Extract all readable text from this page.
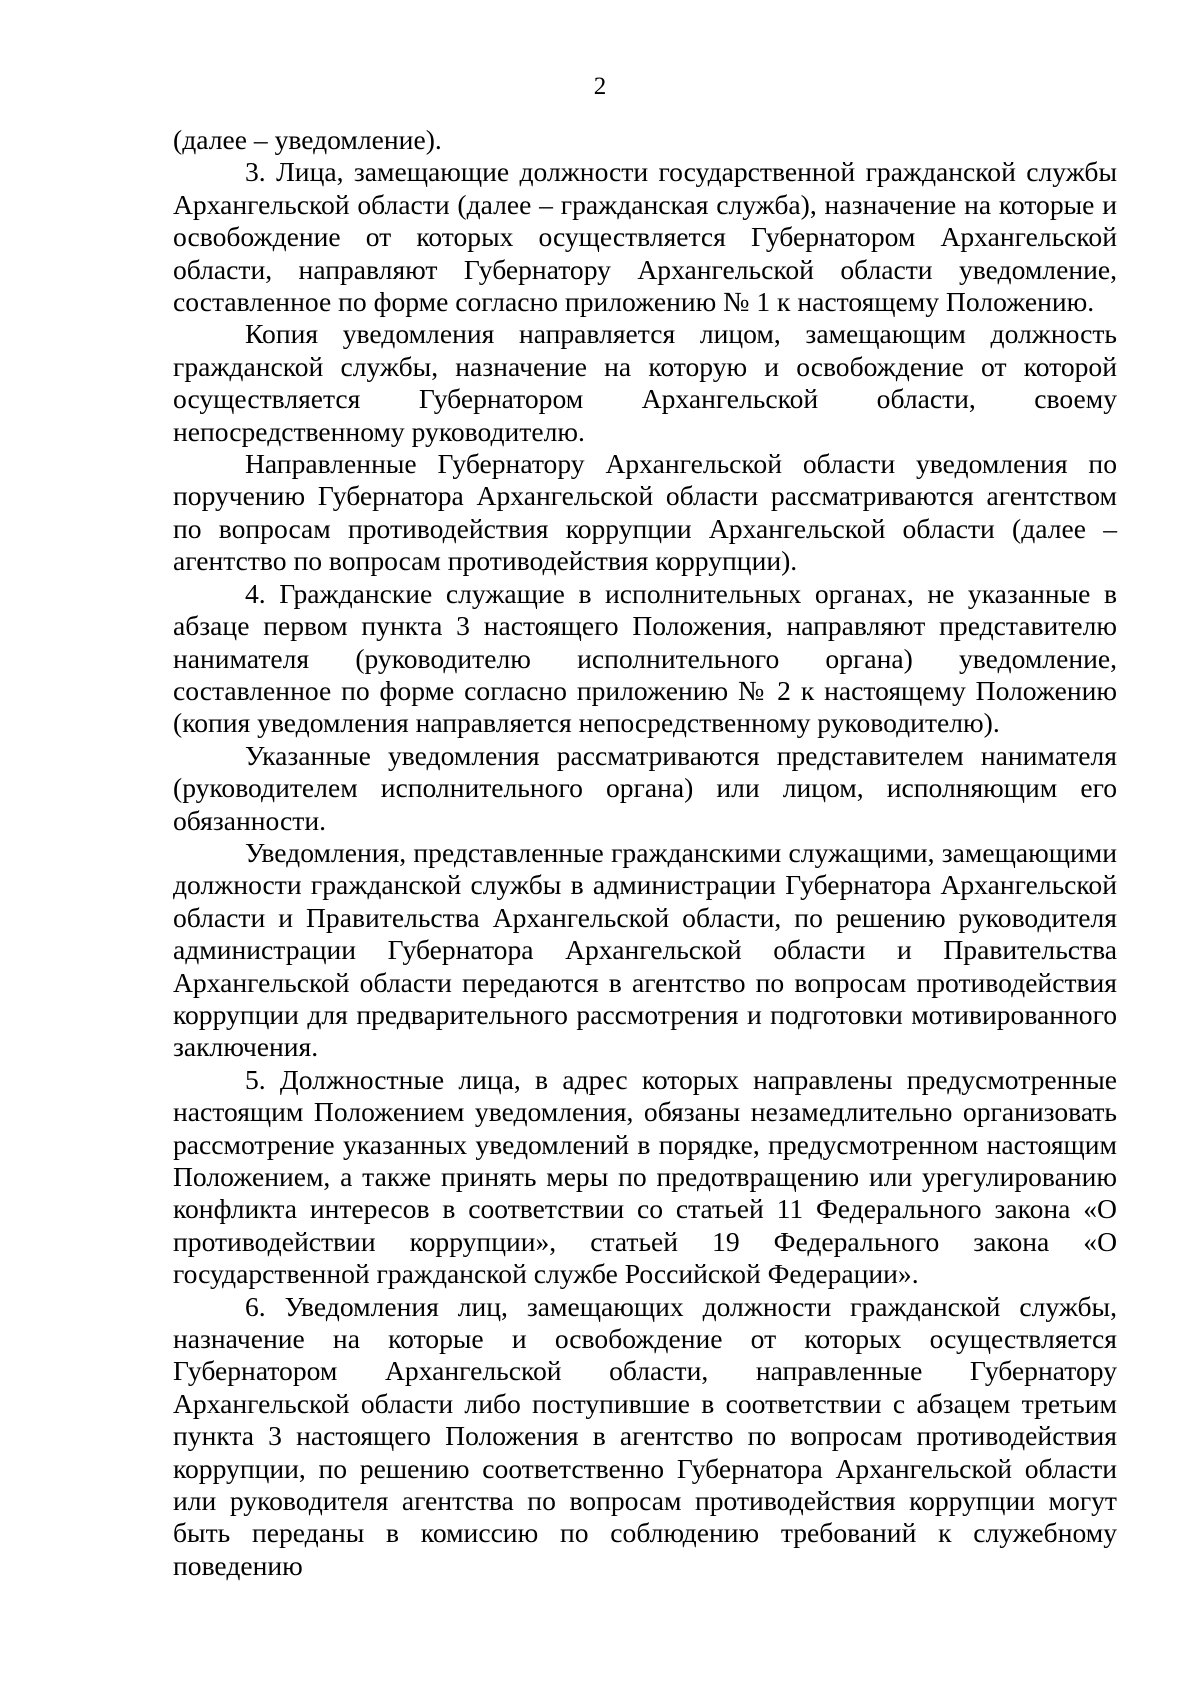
2

(далее – уведомление).

3. Лица, замещающие должности государственной гражданской службы Архангельской области (далее – гражданская служба), назначение на которые и освобождение от которых осуществляется Губернатором Архангельской области, направляют Губернатору Архангельской области уведомление, составленное по форме согласно приложению № 1 к настоящему Положению.

Копия уведомления направляется лицом, замещающим должность гражданской службы, назначение на которую и освобождение от которой осуществляется Губернатором Архангельской области, своему непосредственному руководителю.

Направленные Губернатору Архангельской области уведомления по поручению Губернатора Архангельской области рассматриваются агентством по вопросам противодействия коррупции Архангельской области (далее – агентство по вопросам противодействия коррупции).

4. Гражданские служащие в исполнительных органах, не указанные в абзаце первом пункта 3 настоящего Положения, направляют представителю нанимателя (руководителю исполнительного органа) уведомление, составленное по форме согласно приложению № 2 к настоящему Положению (копия уведомления направляется непосредственному руководителю).

Указанные уведомления рассматриваются представителем нанимателя (руководителем исполнительного органа) или лицом, исполняющим его обязанности.

Уведомления, представленные гражданскими служащими, замещающими должности гражданской службы в администрации Губернатора Архангельской области и Правительства Архангельской области, по решению руководителя администрации Губернатора Архангельской области и Правительства Архангельской области передаются в агентство по вопросам противодействия коррупции для предварительного рассмотрения и подготовки мотивированного заключения.

5. Должностные лица, в адрес которых направлены предусмотренные настоящим Положением уведомления, обязаны незамедлительно организовать рассмотрение указанных уведомлений в порядке, предусмотренном настоящим Положением, а также принять меры по предотвращению или урегулированию конфликта интересов в соответствии со статьей 11 Федерального закона «О противодействии коррупции», статьей 19 Федерального закона «О государственной гражданской службе Российской Федерации».

6. Уведомления лиц, замещающих должности гражданской службы, назначение на которые и освобождение от которых осуществляется Губернатором Архангельской области, направленные Губернатору Архангельской области либо поступившие в соответствии с абзацем третьим пункта 3 настоящего Положения в агентство по вопросам противодействия коррупции, по решению соответственно Губернатора Архангельской области или руководителя агентства по вопросам противодействия коррупции могут быть переданы в комиссию по соблюдению требований к служебному поведению
